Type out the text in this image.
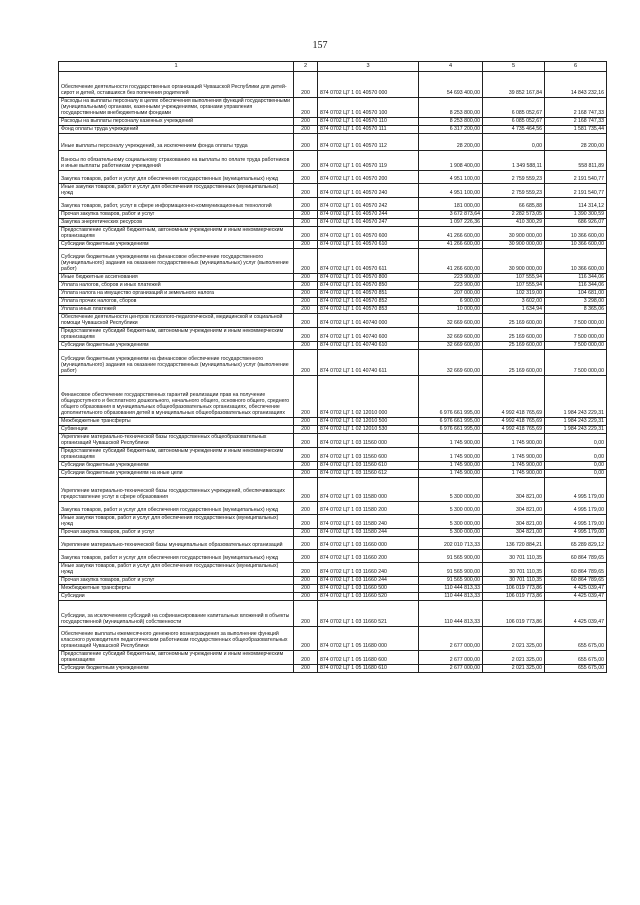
157
1	2	3	4	5	6
Обеспечение деятельности государственных организаций Чувашской Республики для детей-сирот и детей, оставшихся без попечения родителей	200	874 0702 Ц7 1 01 40570 000	54 693 400,00	39 852 167,84	14 843 232,16
Расходы на выплаты персоналу в целях обеспечения выполнения функций государственными (муниципальными) органами, казенными учреждениями, органами управления государственными внебюджетными фондами	200	874 0702 Ц7 1 01 40570 100	8 253 800,00	6 085 052,67	2 168 747,33
Расходы на выплаты персоналу казенных учреждений	200	874 0702 Ц7 1 01 40570 110	8 253 800,00	6 085 052,67	2 168 747,33
Фонд оплаты труда учреждений	200	874 0702 Ц7 1 01 40570 111	6 317 200,00	4 735 464,56	1 581 735,44
Иные выплаты персоналу учреждений, за исключением фонда оплаты труда	200	874 0702 Ц7 1 01 40570 112	28 200,00	0,00	28 200,00
Взносы по обязательному социальному страхованию на выплаты по оплате труда работников и иные выплаты работникам учреждений	200	874 0702 Ц7 1 01 40570 119	1 908 400,00	1 349 588,11	558 811,89
Закупка товаров, работ и услуг для обеспечения государственных (муниципальных) нужд	200	874 0702 Ц7 1 01 40570 200	4 951 100,00	2 759 559,23	2 191 540,77
Иные закупки товаров, работ и услуг для обеспечения государственных (муниципальных) нужд	200	874 0702 Ц7 1 01 40570 240	4 951 100,00	2 759 559,23	2 191 540,77
Закупка товаров, работ, услуг в сфере информационно-коммуникационных технологий	200	874 0702 Ц7 1 01 40570 242	181 000,00	66 685,88	114 314,12
Прочая закупка товаров, работ и услуг	200	874 0702 Ц7 1 01 40570 244	3 672 873,64	2 282 573,05	1 390 300,59
Закупка энергетических ресурсов	200	874 0702 Ц7 1 01 40570 247	1 097 226,36	410 300,29	686 926,07
Предоставление субсидий бюджетным, автономным учреждениям и иным некоммерческим организациям	200	874 0702 Ц7 1 01 40570 600	41 266 600,00	30 900 000,00	10 366 600,00
Субсидии бюджетным учреждениям	200	874 0702 Ц7 1 01 40570 610	41 266 600,00	30 900 000,00	10 366 600,00
Субсидии бюджетным учреждениям на финансовое обеспечение государственного (муниципального) задания на оказание государственных (муниципальных) услуг (выполнение работ)	200	874 0702 Ц7 1 01 40570 611	41 266 600,00	30 900 000,00	10 366 600,00
Иные бюджетные ассигнования	200	874 0702 Ц7 1 01 40570 800	223 900,00	107 555,94	116 344,06
Уплата налогов, сборов и иных платежей	200	874 0702 Ц7 1 01 40570 850	223 900,00	107 555,94	116 344,06
Уплата налога на имущество организаций и земельного налога	200	874 0702 Ц7 1 01 40570 851	207 000,00	102 319,00	104 681,00
Уплата прочих налогов, сборов	200	874 0702 Ц7 1 01 40570 852	6 900,00	3 602,00	3 298,00
Уплата иных платежей	200	874 0702 Ц7 1 01 40570 853	10 000,00	1 634,94	8 365,06
Обеспечение деятельности центров психолого-педагогической, медицинской и социальной помощи Чувашской Республики	200	874 0702 Ц7 1 01 40740 000	32 669 600,00	25 169 600,00	7 500 000,00
Предоставление субсидий бюджетным, автономным учреждениям и иным некоммерческим организациям	200	874 0702 Ц7 1 01 40740 600	32 669 600,00	25 169 600,00	7 500 000,00
Субсидии бюджетным учреждениям	200	874 0702 Ц7 1 01 40740 610	32 669 600,00	25 169 600,00	7 500 000,00
Субсидии бюджетным учреждениям на финансовое обеспечение государственного (муниципального) задания на оказание государственных (муниципальных) услуг (выполнение работ)	200	874 0702 Ц7 1 01 40740 611	32 669 600,00	25 169 600,00	7 500 000,00
Финансовое обеспечение государственных гарантий реализации прав на получение общедоступного и бесплатного дошкольного, начального общего, основного общего, среднего общего образования в муниципальных общеобразовательных организациях, обеспечение дополнительного образования детей в муниципальных общеобразовательных организациях	200	874 0702 Ц7 1 02 12010 000	6 976 661 995,00	4 992 418 765,69	1 984 243 229,31
Межбюджетные трансферты	200	874 0702 Ц7 1 02 12010 500	6 976 661 995,00	4 992 418 765,69	1 984 243 229,31
Субвенции	200	874 0702 Ц7 1 02 12010 530	6 976 661 995,00	4 992 418 765,69	1 984 243 229,31
Укрепление материально-технической базы государственных общеобразовательных организаций Чувашской Республики	200	874 0702 Ц7 1 03 11560 000	1 745 900,00	1 745 900,00	0,00
Предоставление субсидий бюджетным, автономным учреждениям и иным некоммерческим организациям	200	874 0702 Ц7 1 03 11560 600	1 745 900,00	1 745 900,00	0,00
Субсидии бюджетным учреждениям	200	874 0702 Ц7 1 03 11560 610	1 745 900,00	1 745 900,00	0,00
Субсидии бюджетным учреждениям на иные цели	200	874 0702 Ц7 1 03 11560 612	1 745 900,00	1 745 900,00	0,00
Укрепление материально-технической базы государственных учреждений, обеспечивающих предоставление услуг в сфере образования	200	874 0702 Ц7 1 03 11580 000	5 300 000,00	304 821,00	4 995 179,00
Закупка товаров, работ и услуг для обеспечения государственных (муниципальных) нужд	200	874 0702 Ц7 1 03 11580 200	5 300 000,00	304 821,00	4 995 179,00
Иные закупки товаров, работ и услуг для обеспечения государственных (муниципальных) нужд	200	874 0702 Ц7 1 03 11580 240	5 300 000,00	304 821,00	4 995 179,00
Прочая закупка товаров, работ и услуг	200	874 0702 Ц7 1 03 11580 244	5 300 000,00	304 821,00	4 995 179,00
Укрепление материально-технической базы муниципальных образовательных организаций	200	874 0702 Ц7 1 03 11660 000	202 010 713,33	136 720 884,21	65 289 829,12
Закупка товаров, работ и услуг для обеспечения государственных (муниципальных) нужд	200	874 0702 Ц7 1 03 11660 200	91 565 900,00	30 701 110,35	60 864 789,65
Иные закупки товаров, работ и услуг для обеспечения государственных (муниципальных) нужд	200	874 0702 Ц7 1 03 11660 240	91 565 900,00	30 701 110,35	60 864 789,65
Прочая закупка товаров, работ и услуг	200	874 0702 Ц7 1 03 11660 244	91 565 900,00	30 701 110,35	60 864 789,65
Межбюджетные трансферты	200	874 0702 Ц7 1 03 11660 500	110 444 813,33	106 019 773,86	4 425 039,47
Субсидии	200	874 0702 Ц7 1 03 11660 520	110 444 813,33	106 019 773,86	4 425 039,47
Субсидии, за исключением субсидий на софинансирование капитальных вложений в объекты государственной (муниципальной) собственности	200	874 0702 Ц7 1 03 11660 521	110 444 813,33	106 019 773,86	4 425 039,47
Обеспечение выплаты ежемесячного денежного вознаграждения за выполнение функций классного руководителя педагогическим работникам государственных общеобразовательных организаций Чувашской Республики	200	874 0702 Ц7 1 05 11680 000	2 677 000,00	2 021 325,00	655 675,00
Предоставление субсидий бюджетным, автономным учреждениям и иным некоммерческим организациям	200	874 0702 Ц7 1 05 11680 600	2 677 000,00	2 021 325,00	655 675,00
Субсидии бюджетным учреждениям	200	874 0702 Ц7 1 05 11680 610	2 677 000,00	2 021 325,00	655 675,00
